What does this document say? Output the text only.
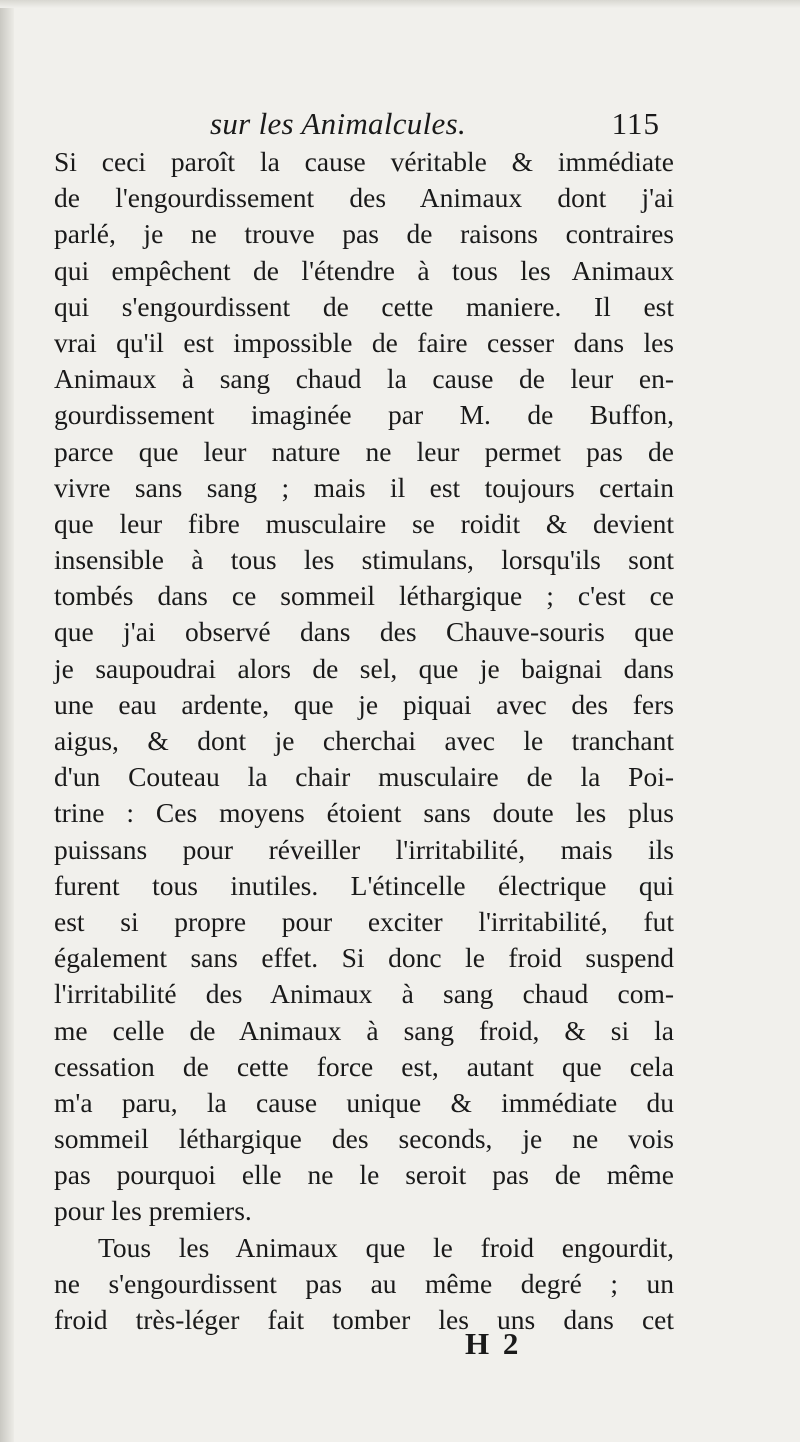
sur les Animalcules.	115
Si ceci paroît la cause véritable & immédiate
de l'engourdissement des Animaux dont j'ai
parlé, je ne trouve pas de raisons contraires
qui empêchent de l'étendre à tous les Animaux
qui s'engourdissent de cette maniere. Il est
vrai qu'il est impossible de faire cesser dans les
Animaux à sang chaud la cause de leur en-
gourdissement imaginée par M. de Buffon,
parce que leur nature ne leur permet pas de
vivre sans sang ; mais il est toujours certain
que leur fibre musculaire se roidit & devient
insensible à tous les stimulans, lorsqu'ils sont
tombés dans ce sommeil léthargique ; c'est ce
que j'ai observé dans des Chauve-souris que
je saupoudrai alors de sel, que je baignai dans
une eau ardente, que je piquai avec des fers
aigus, & dont je cherchai avec le tranchant
d'un Couteau la chair musculaire de la Poi-
trine : Ces moyens étoient sans doute les plus
puissans pour réveiller l'irritabilité, mais ils
furent tous inutiles. L'étincelle électrique qui
est si propre pour exciter l'irritabilité, fut
également sans effet. Si donc le froid suspend
l'irritabilité des Animaux à sang chaud com-
me celle de Animaux à sang froid, & si la
cessation de cette force est, autant que cela
m'a paru, la cause unique & immédiate du
sommeil léthargique des seconds, je ne vois
pas pourquoi elle ne le seroit pas de même
pour les premiers.
Tous les Animaux que le froid engourdit,
ne s'engourdissent pas au même degré ; un
froid très-léger fait tomber les uns dans cet
H 2
